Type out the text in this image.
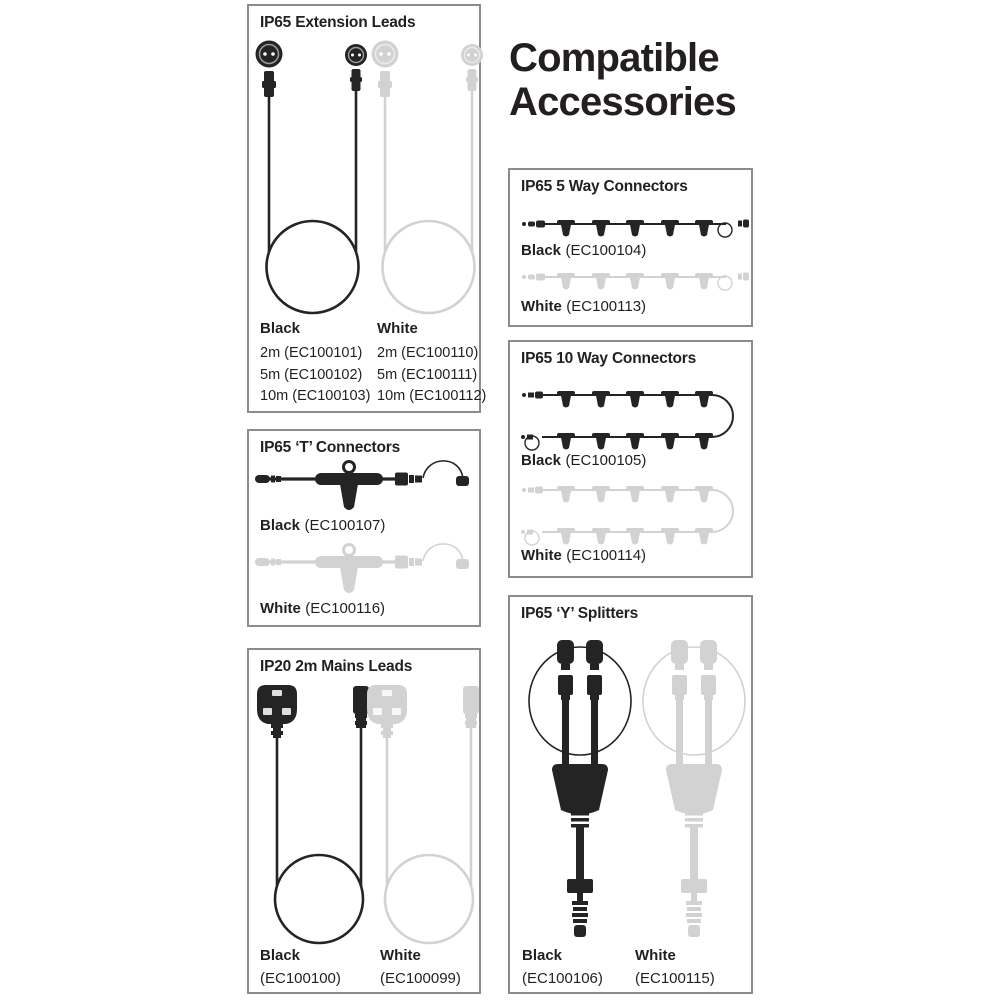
Compatible
Accessories
IP65 Extension Leads
Black	White
2m (EC100101)
5m (EC100102)
10m (EC100103)
2m (EC100110)
5m (EC100111)
10m (EC100112)
IP65 ‘T’ Connectors
Black (EC100107)
White (EC100116)
IP20 2m Mains Leads
Black
(EC100100)
White
(EC100099)
IP65 5 Way Connectors
Black (EC100104)
White (EC100113)
IP65 10 Way Connectors
Black (EC100105)
White (EC100114)
IP65 ‘Y’ Splitters
Black
(EC100106)
White
(EC100115)
